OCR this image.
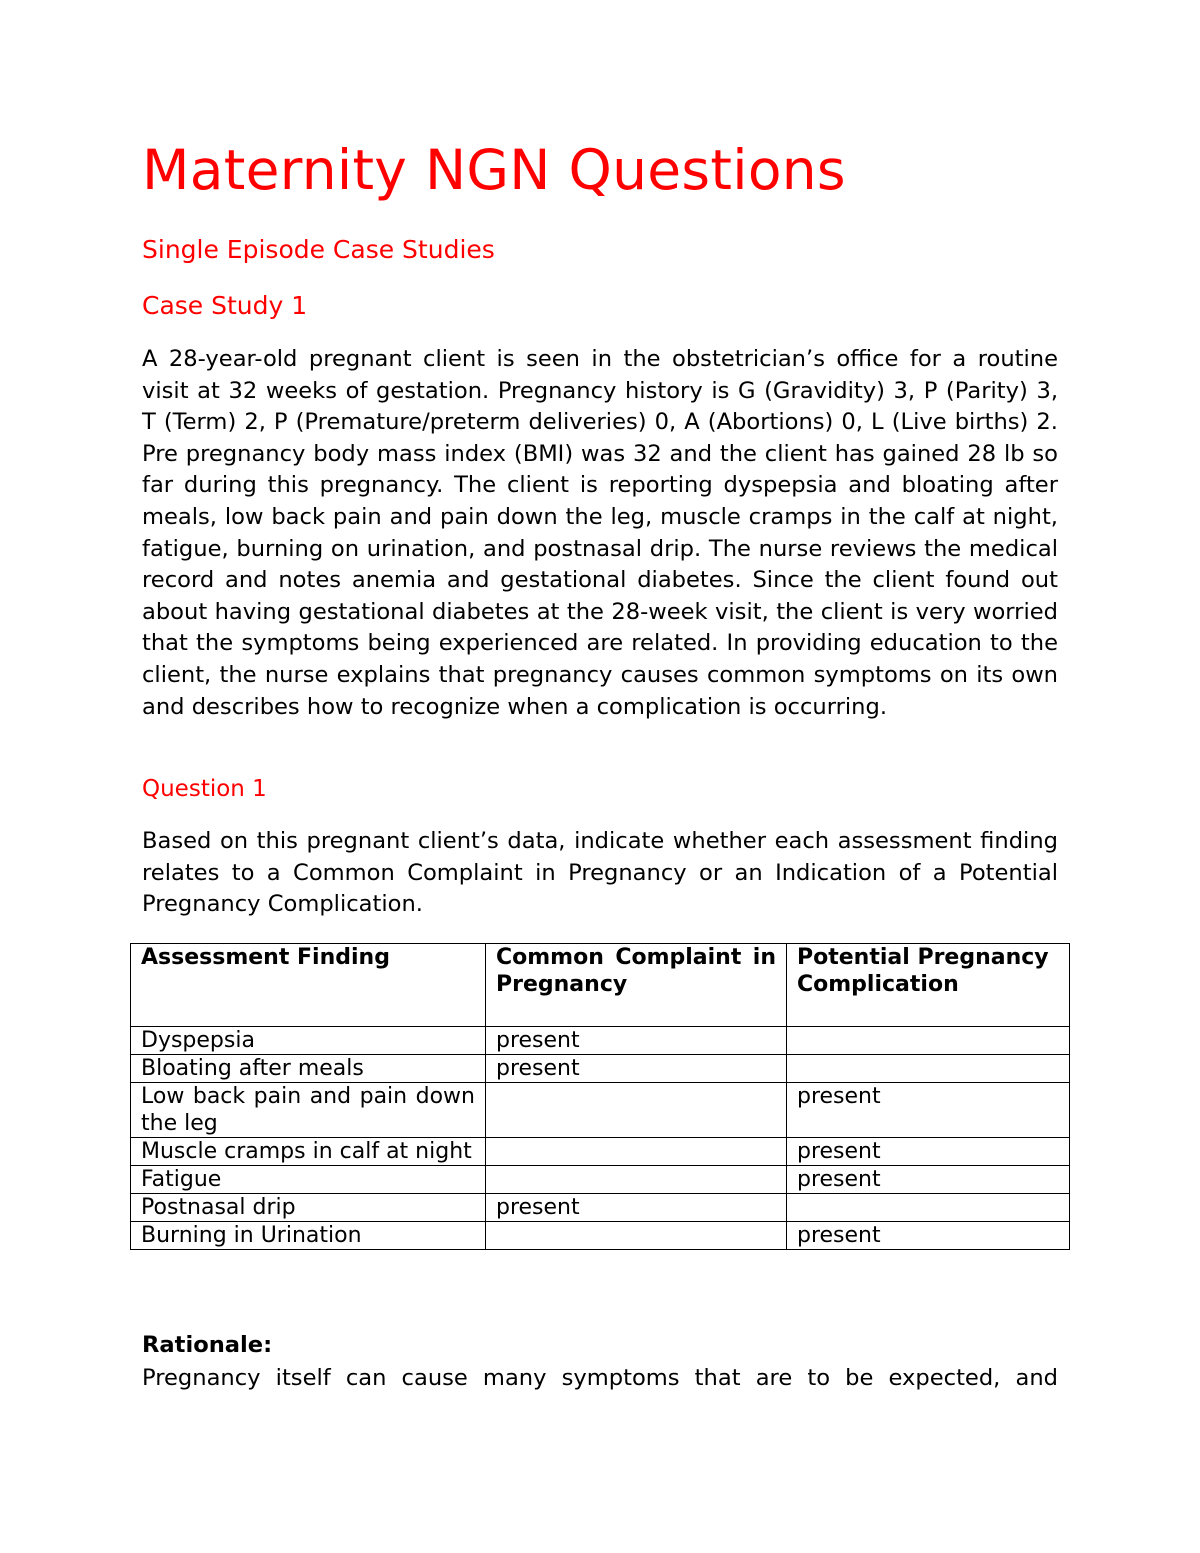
Maternity NGN Questions
Single Episode Case Studies
Case Study 1

A 28-year-old pregnant client is seen in the obstetrician’s office for a routine visit at 32 weeks of gestation. Pregnancy history is G (Gravidity) 3, P (Parity) 3, T (Term) 2, P (Premature/preterm deliveries) 0, A (Abortions) 0, L (Live births) 2. Pre pregnancy body mass index (BMI) was 32 and the client has gained 28 lb so far during this pregnancy. The client is reporting dyspepsia and bloating after meals, low back pain and pain down the leg, muscle cramps in the calf at night, fatigue, burning on urination, and postnasal drip. The nurse reviews the medical record and notes anemia and gestational diabetes. Since the client found out about having gestational diabetes at the 28-week visit, the client is very worried that the symptoms being experienced are related. In providing education to the client, the nurse explains that pregnancy causes common symptoms on its own and describes how to recognize when a complication is occurring.

Question 1

Based on this pregnant client’s data, indicate whether each assessment finding relates to a Common Complaint in Pregnancy or an Indication of a Potential Pregnancy Complication.

Rationale:

Pregnancy itself can cause many symptoms that are to be expected, and

Assessment Finding	Common Complaint in Pregnancy	Potential Pregnancy Complication
Dyspepsia	present	
Bloating after meals	present	
Low back pain and pain down the leg		present
Muscle cramps in calf at night		present
Fatigue		present
Postnasal drip	present	
Burning in Urination		present
